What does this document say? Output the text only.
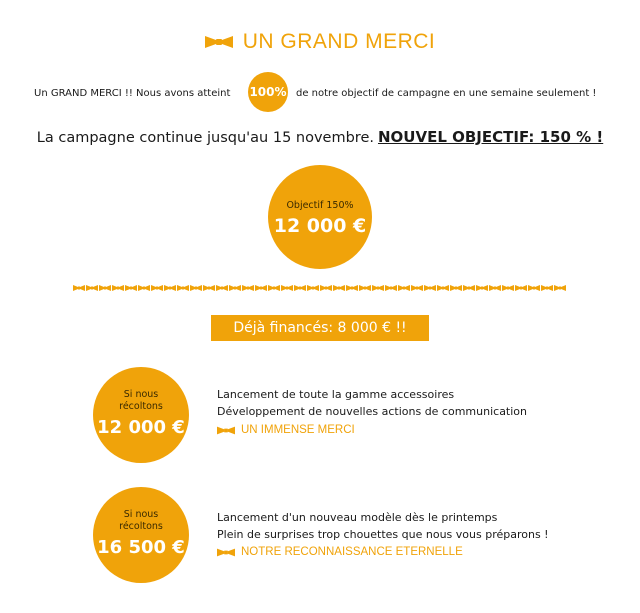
UN GRAND MERCI
Un GRAND MERCI !! Nous avons atteint 100% de notre objectif de campagne en une semaine seulement !
La campagne continue jusqu'au 15 novembre. NOUVEL OBJECTIF: 150 % !
Objectif 150%
12 000 €
Déjà financés: 8 000 € !!
Si nous
récoltons
12 000 €
Lancement de toute la gamme accessoires
Développement de nouvelles actions de communication
UN IMMENSE MERCI
Si nous
récoltons
16 500 €
Lancement d'un nouveau modèle dès le printemps
Plein de surprises trop chouettes que nous vous préparons !
NOTRE RECONNAISSANCE ETERNELLE
